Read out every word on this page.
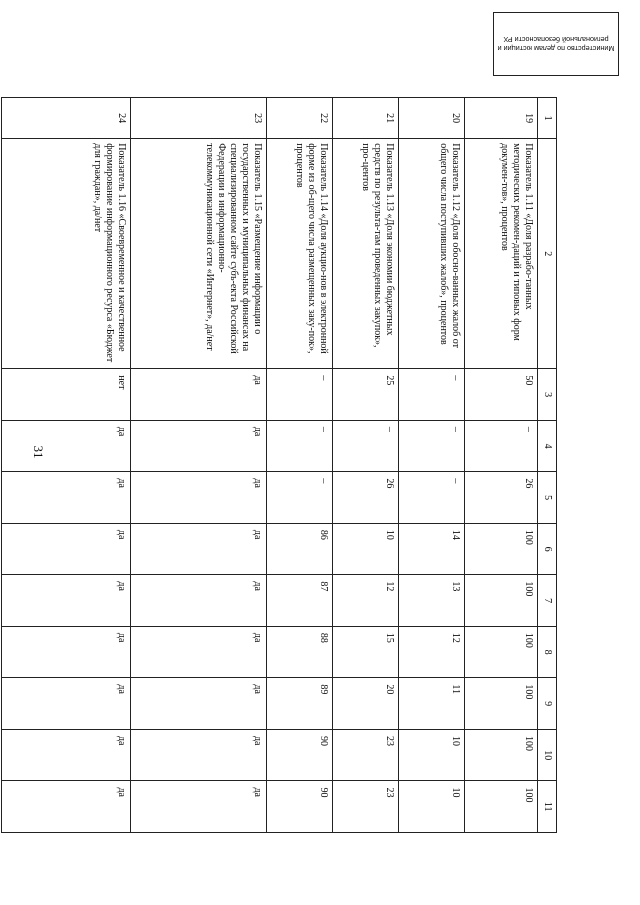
31
Министерство по делам юстиции и региональной безопасности РХ
1	2	3	4	5	6	7	8	9	10	11
19	Показатель 1.11 «Доля разрабо-танных методических рекомен-даций и типовых форм докумен-тов», процентов	50	–	26	100	100	100	100	100	100
20	Показатель 1.12 «Доля обосно-ванных жалоб от общего числа поступивших жалоб», процентов	–	–	–	14	13	12	11	10	10
21	Показатель 1.13 «Доля экономии бюджетных средств по результа-там проведенных закупок», про-центов	25	–	26	10	12	15	20	23	23
22	Показатель 1.14 «Доля аукцио-нов в электронной форме из об-щего числа размещенных заку-пок», процентов	–	–	–	86	87	88	89	90	90
23	Показатель 1.15 «Размещение информации о государственных и муниципальных финансах на специализированном сайте субъ-екта Российской Федерации в информационно-телекоммуникационной сети «Интернет», да/нет	да	да	да	да	да	да	да	да	да
24	Показатель 1.16 «Своевременное и качественное формирование информационного ресурса «Бюджет для граждан», да/нет	нет	да	да	да	да	да	да	да	да
